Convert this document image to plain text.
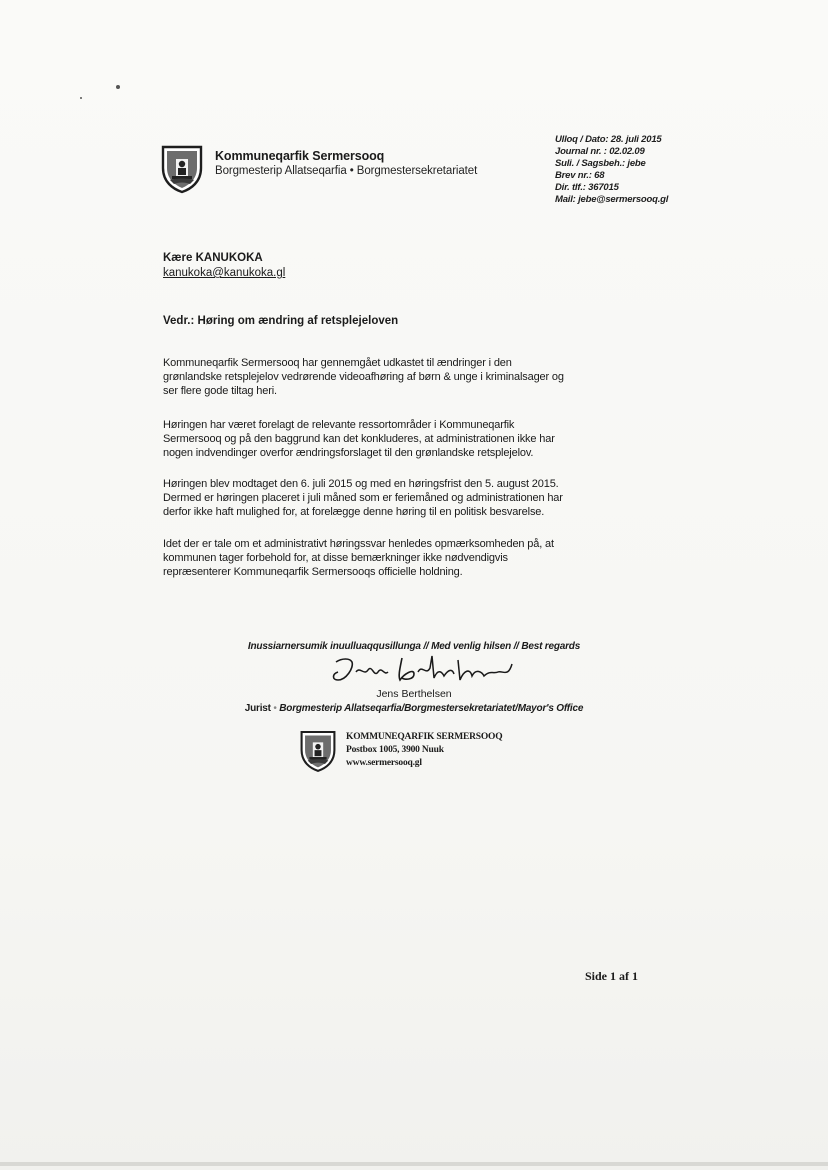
Kommuneqarfik Sermersooq
Borgmesterip Allatseqarfia • Borgmestersekretariatet
Ulloq / Dato: 28. juli 2015
Journal nr. : 02.02.09
Suli. / Sagsbeh.: jebe
Brev nr.: 68
Dir. tlf.: 367015
Mail: jebe@sermersooq.gl
Kære KANUKOKA
kanukoka@kanukoka.gl
Vedr.: Høring om ændring af retsplejeloven
Kommuneqarfik Sermersooq har gennemgået udkastet til ændringer i den
grønlandske retsplejelov vedrørende videoafhøring af børn & unge i kriminalsager og
ser flere gode tiltag heri.
Høringen har været forelagt de relevante ressortområder i Kommuneqarfik
Sermersooq og på den baggrund kan det konkluderes, at administrationen ikke har
nogen indvendinger overfor ændringsforslaget til den grønlandske retsplejelov.
Høringen blev modtaget den 6. juli 2015 og med en høringsfrist den 5. august 2015.
Dermed er høringen placeret i juli måned som er feriemåned og administrationen har
derfor ikke haft mulighed for, at forelægge denne høring til en politisk besvarelse.
Idet der er tale om et administrativt høringssvar henledes opmærksomheden på, at
kommunen tager forbehold for, at disse bemærkninger ikke nødvendigvis
repræsenterer Kommuneqarfik Sermersooqs officielle holdning.
Inussiarnersumik inuulluaqqusillunga // Med venlig hilsen // Best regards
Jens Berthelsen
Jurist • Borgmesterip Allatseqarfia/Borgmestersekretariatet/Mayor's Office
KOMMUNEQARFIK SERMERSOOQ
Postbox 1005, 3900 Nuuk
www.sermersooq.gl
Side 1 af 1
